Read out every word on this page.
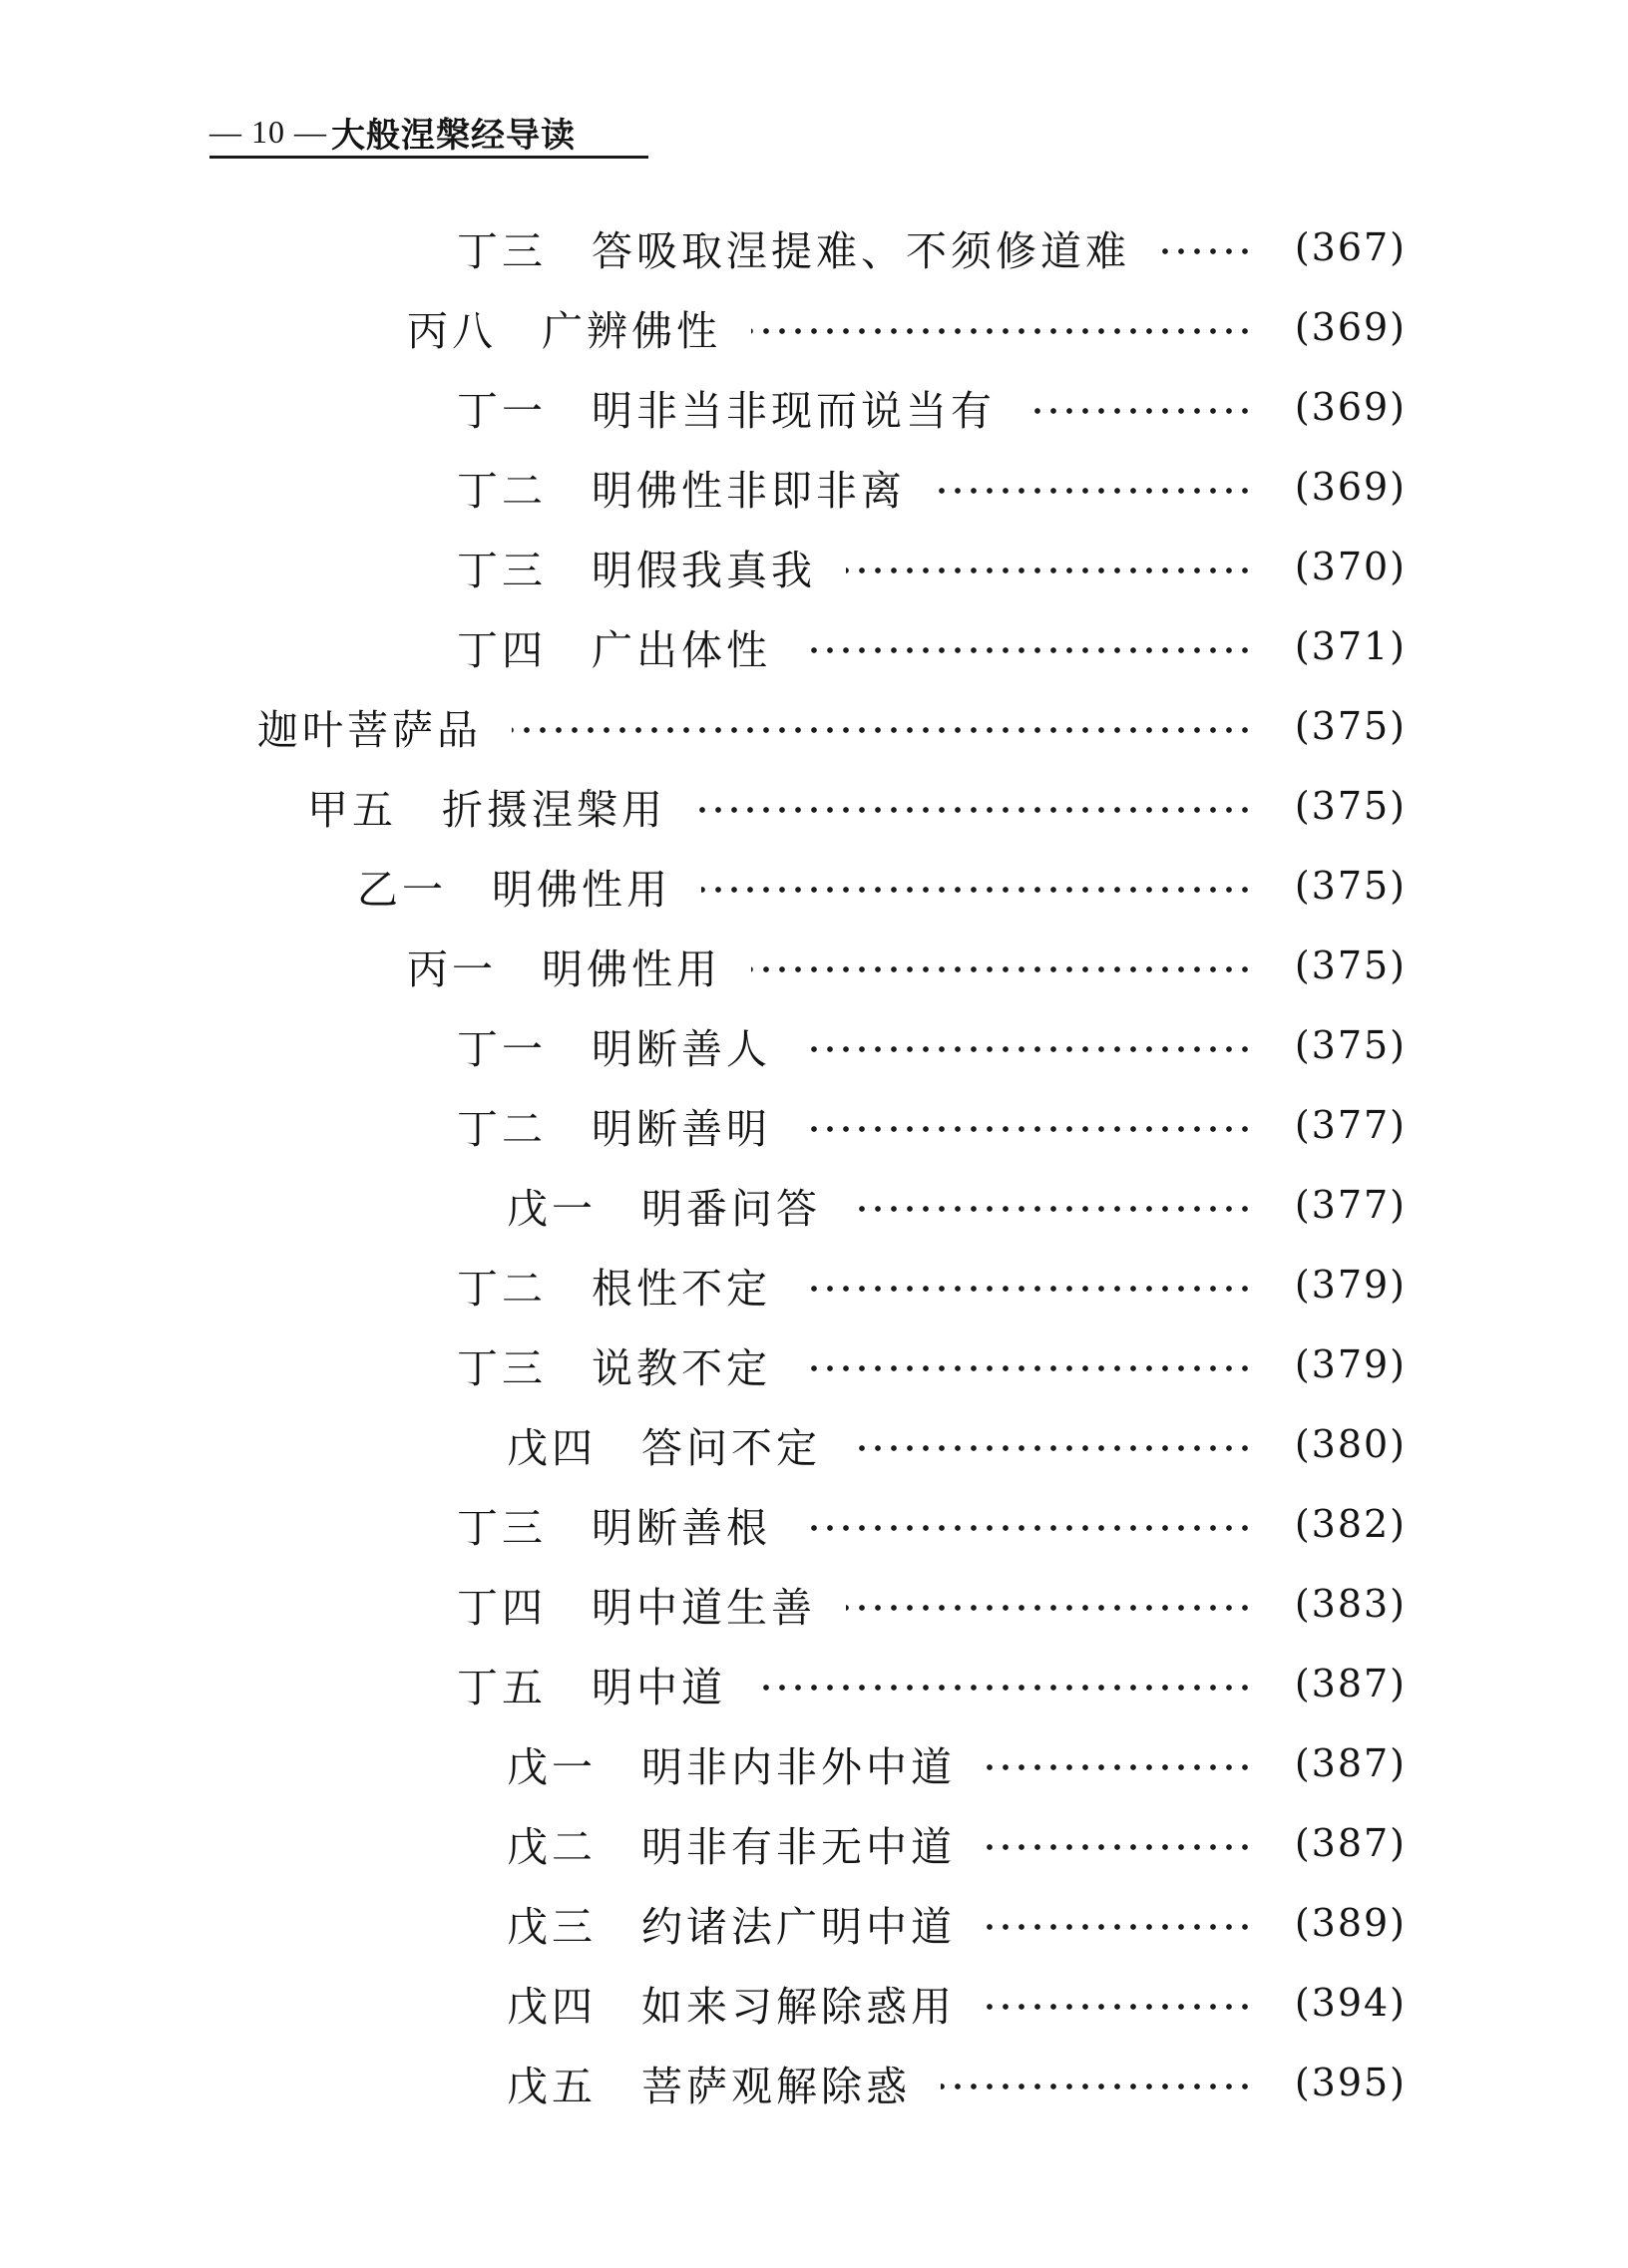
— 10 — 大般涅槃经导读
丁三　答吸取涅提难、不须修道难	(367)
丙八　广辨佛性	(369)
丁一　明非当非现而说当有	(369)
丁二　明佛性非即非离	(369)
丁三　明假我真我	(370)
丁四　广出体性	(371)
迦叶菩萨品	(375)
甲五　折摄涅槃用	(375)
乙一　明佛性用	(375)
丙一　明佛性用	(375)
丁一　明断善人	(375)
丁二　明断善明	(377)
戊一　明番问答	(377)
丁二　根性不定	(379)
丁三　说教不定	(379)
戊四　答问不定	(380)
丁三　明断善根	(382)
丁四　明中道生善	(383)
丁五　明中道	(387)
戊一　明非内非外中道	(387)
戊二　明非有非无中道	(387)
戊三　约诸法广明中道	(389)
戊四　如来习解除惑用	(394)
戊五　菩萨观解除惑	(395)
